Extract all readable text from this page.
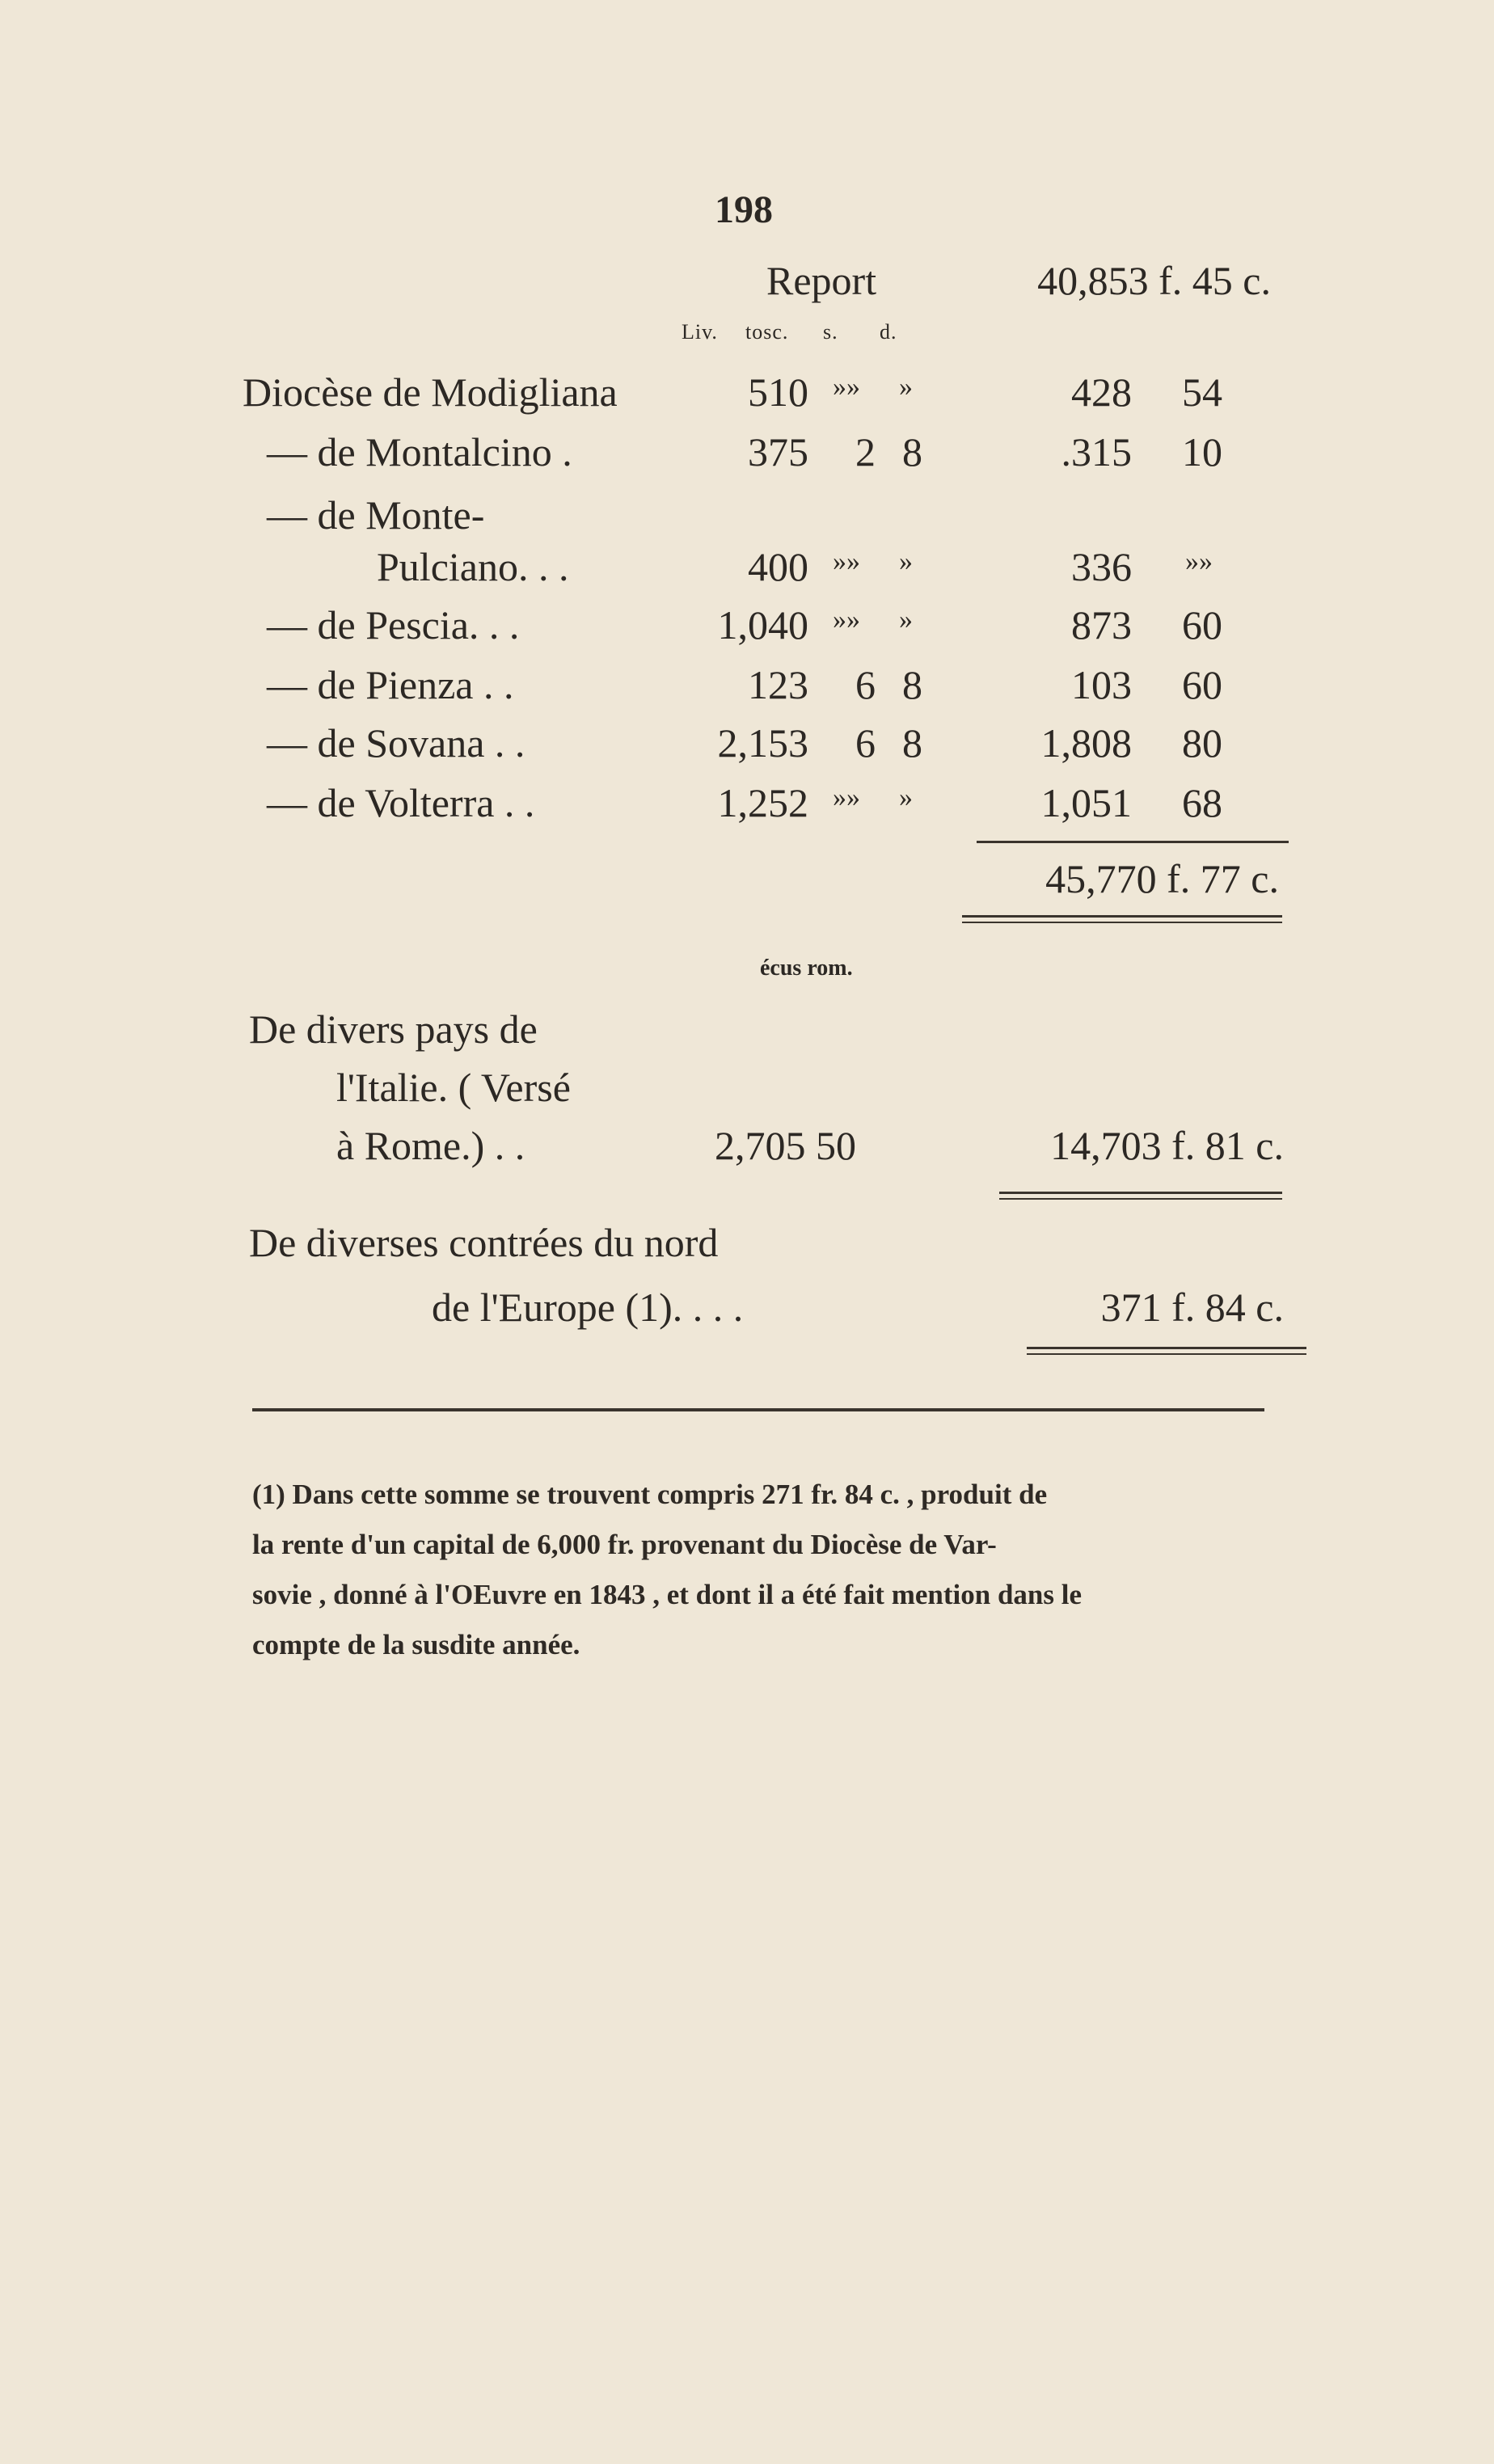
198
Report	40,853 f. 45 c.
Liv. tosc. s. d.
Diocèse de Modigliana	510 »» »	428 54
— de Montalcino .	375 2 8	.315 10
— de Monte-
Pulciano. . .	400 »» »	336 »»
— de Pescia. . .	1,040 »» »	873 60
— de Pienza . .	123 6 8	103 60
— de Sovana . .	2,153 6 8	1,808 80
— de Volterra . .	1,252 »» »	1,051 68
45,770 f. 77 c.
écus rom.
De divers pays de
l'Italie. ( Versé
à Rome.) . .	2,705 50	14,703 f. 81 c.
De diverses contrées du nord
de l'Europe (1). . . .	371 f. 84 c.

(1) Dans cette somme se trouvent compris 271 fr. 84 c. , produit de

la rente d'un capital de 6,000 fr. provenant du Diocèse de Var-

sovie , donné à l'OEuvre en 1843 , et dont il a été fait mention dans le

compte de la susdite année.
